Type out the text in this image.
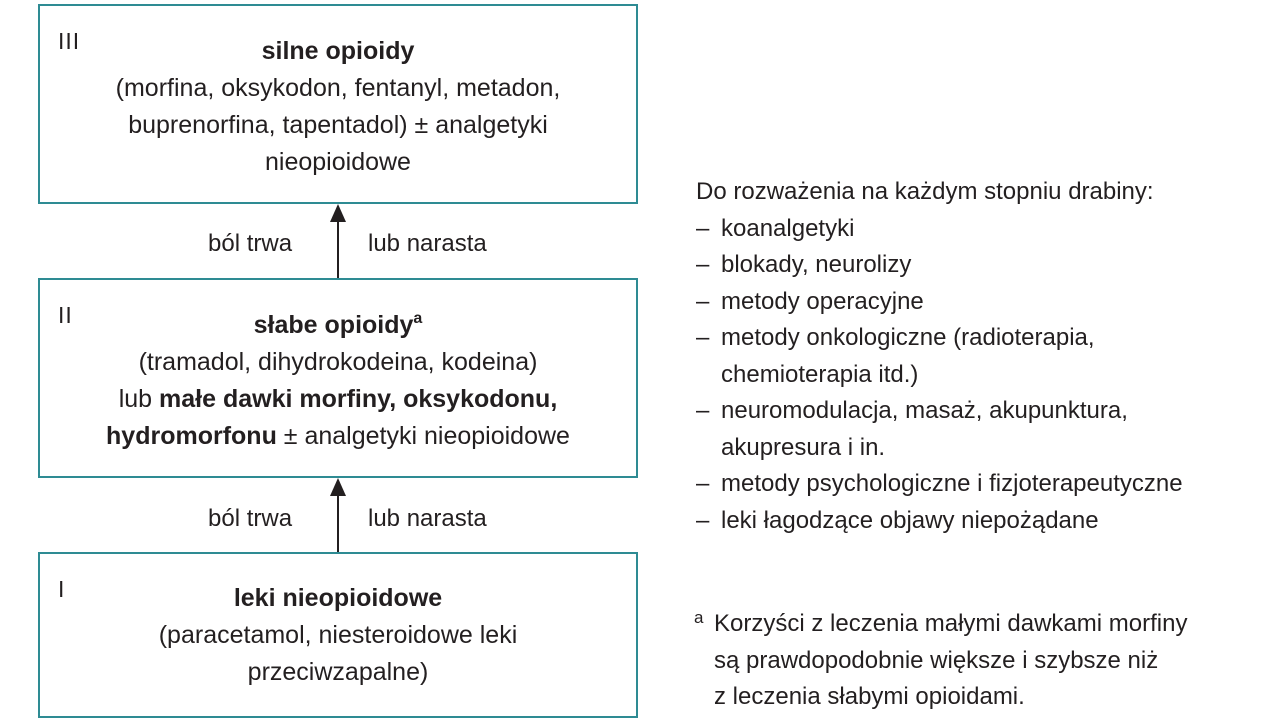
III	silne opioidy
(morfina, oksykodon, fentanyl, metadon,
buprenorfina, tapentadol) ± analgetyki
nieopioidowe
ból trwa	lub narasta
II	słabe opioidy$^a$
(tramadol, dihydrokodeina, kodeina)
lub małe dawki morfiny, oksykodonu,
hydromorfonu ± analgetyki nieopioidowe
ból trwa	lub narasta
I	leki nieopioidowe
(paracetamol, niesteroidowe leki
przeciwzapalne)
Do rozważenia na każdym stopniu drabiny:
– koanalgetyki
– blokady, neurolizy
– metody operacyjne
– metody onkologiczne (radioterapia,
chemioterapia itd.)
– neuromodulacja, masaż, akupunktura,
akupresura i in.
– metody psychologiczne i fizjoterapeutyczne
– leki łagodzące objawy niepożądane
a Korzyści z leczenia małymi dawkami morfiny
są prawdopodobnie większe i szybsze niż
z leczenia słabymi opioidami.
